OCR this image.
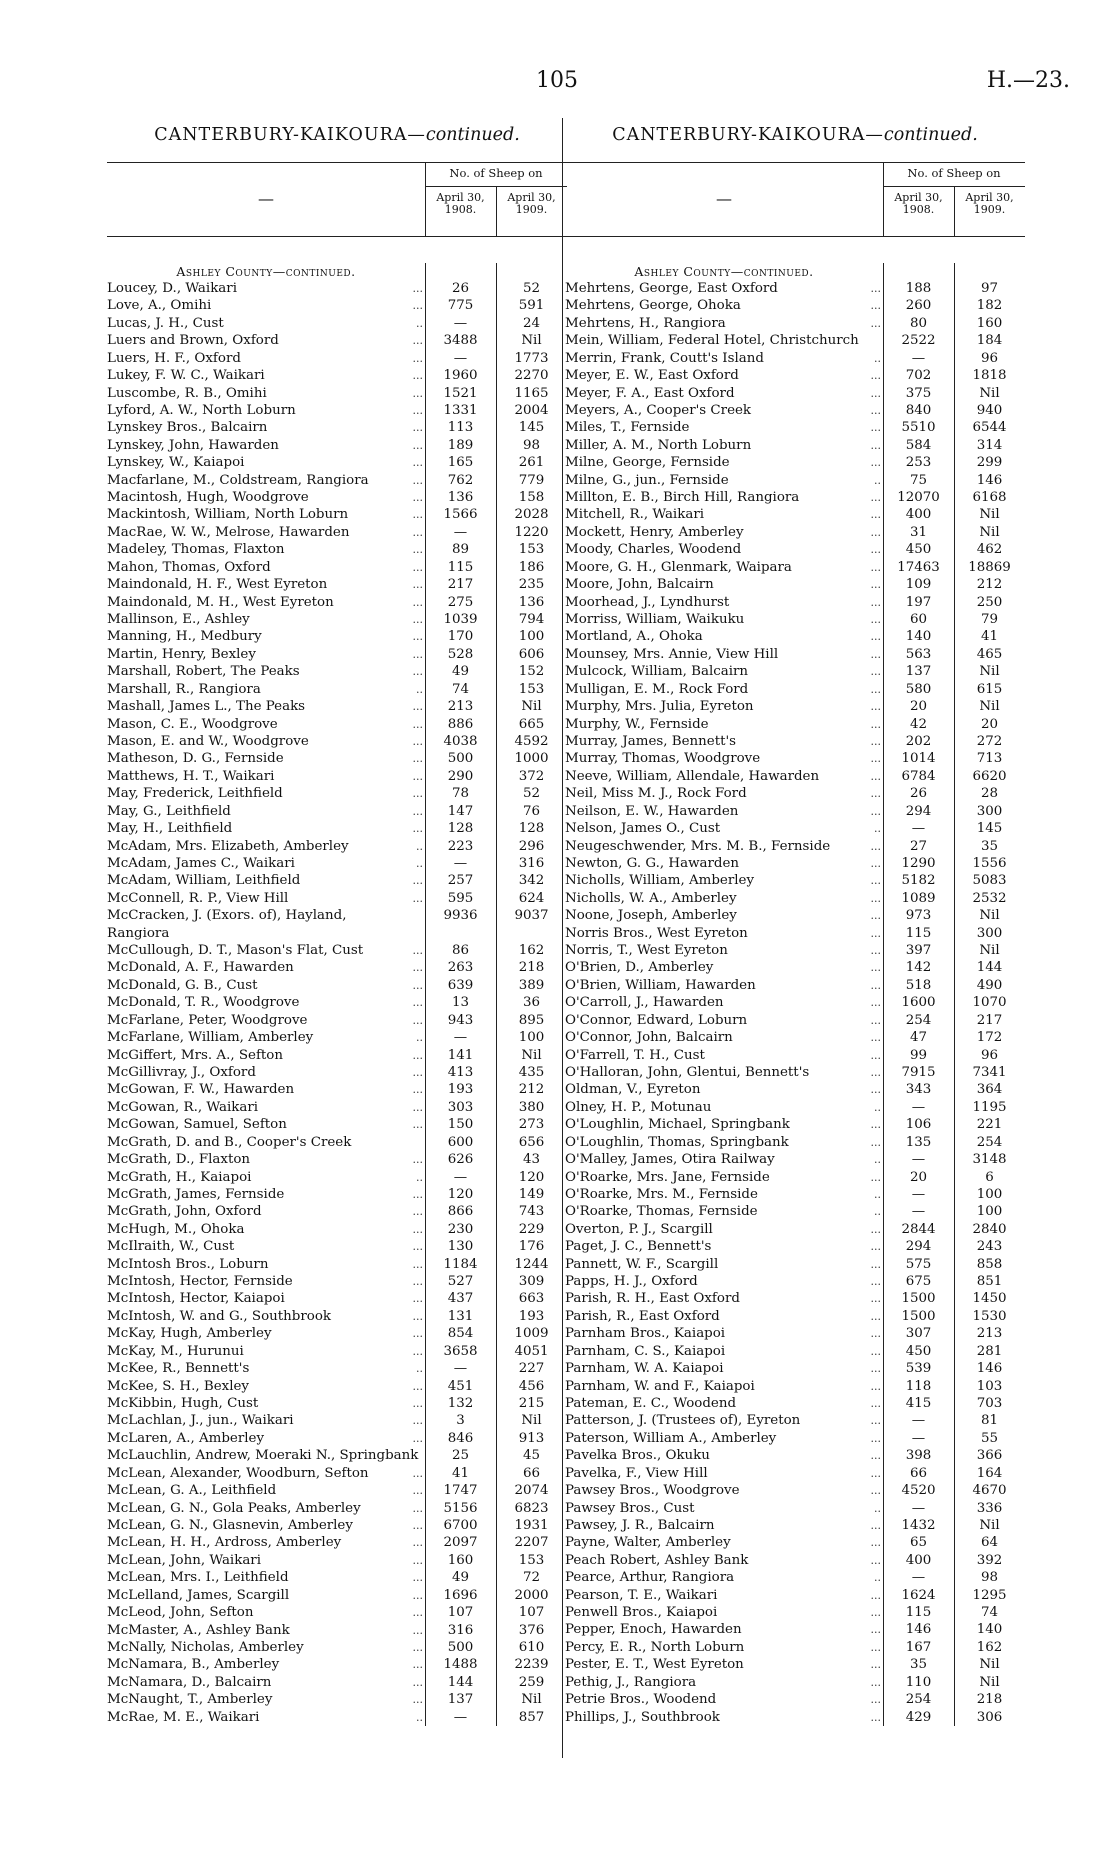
105	H.—23.
CANTERBURY-KAIKOURA—continued.
—
No. of Sheep on
April 30, 1908.
April 30, 1909.
Ashley County—continued.
Loucey, D., Waikari	...	26	52
Love, A., Omihi	...	775	591
Lucas, J. H., Cust	..	—	24
Luers and Brown, Oxford	...	3488	Nil
Luers, H. F., Oxford	...	—	1773
Lukey, F. W. C., Waikari	...	1960	2270
Luscombe, R. B., Omihi	...	1521	1165
Lyford, A. W., North Loburn	...	1331	2004
Lynskey Bros., Balcairn	...	113	145
Lynskey, John, Hawarden	...	189	98
Lynskey, W., Kaiapoi	...	165	261
Macfarlane, M., Coldstream, Rangiora	...	762	779
Macintosh, Hugh, Woodgrove	...	136	158
Mackintosh, William, North Loburn	...	1566	2028
MacRae, W. W., Melrose, Hawarden	...	—	1220
Madeley, Thomas, Flaxton	...	89	153
Mahon, Thomas, Oxford	...	115	186
Maindonald, H. F., West Eyreton	...	217	235
Maindonald, M. H., West Eyreton	...	275	136
Mallinson, E., Ashley	...	1039	794
Manning, H., Medbury	...	170	100
Martin, Henry, Bexley	...	528	606
Marshall, Robert, The Peaks	...	49	152
Marshall, R., Rangiora	..	74	153
Mashall, James L., The Peaks	...	213	Nil
Mason, C. E., Woodgrove	...	886	665
Mason, E. and W., Woodgrove	...	4038	4592
Matheson, D. G., Fernside	...	500	1000
Matthews, H. T., Waikari	...	290	372
May, Frederick, Leithfield	...	78	52
May, G., Leithfield	...	147	76
May, H., Leithfield	...	128	128
McAdam, Mrs. Elizabeth, Amberley	..	223	296
McAdam, James C., Waikari	..	—	316
McAdam, William, Leithfield	...	257	342
McConnell, R. P., View Hill	...	595	624
McCracken, J. (Exors. of), Hayland, Rangiora
9936	9037
McCullough, D. T., Mason's Flat, Cust	...	86	162
McDonald, A. F., Hawarden	...	263	218
McDonald, G. B., Cust	...	639	389
McDonald, T. R., Woodgrove	...	13	36
McFarlane, Peter, Woodgrove	...	943	895
McFarlane, William, Amberley	..	—	100
McGiffert, Mrs. A., Sefton	...	141	Nil
McGillivray, J., Oxford	...	413	435
McGowan, F. W., Hawarden	...	193	212
McGowan, R., Waikari	...	303	380
McGowan, Samuel, Sefton	...	150	273
McGrath, D. and B., Cooper's Creek	600	656
McGrath, D., Flaxton	...	626	43
McGrath, H., Kaiapoi	..	—	120
McGrath, James, Fernside	...	120	149
McGrath, John, Oxford	...	866	743
McHugh, M., Ohoka	...	230	229
McIlraith, W., Cust	...	130	176
McIntosh Bros., Loburn	...	1184	1244
McIntosh, Hector, Fernside	...	527	309
McIntosh, Hector, Kaiapoi	...	437	663
McIntosh, W. and G., Southbrook	...	131	193
McKay, Hugh, Amberley	...	854	1009
McKay, M., Hurunui	...	3658	4051
McKee, R., Bennett's	..	—	227
McKee, S. H., Bexley	...	451	456
McKibbin, Hugh, Cust	...	132	215
McLachlan, J., jun., Waikari	...	3	Nil
McLaren, A., Amberley	...	846	913
McLauchlin, Andrew, Moeraki N., Springbank	25	45
McLean, Alexander, Woodburn, Sefton	...	41	66
McLean, G. A., Leithfield	...	1747	2074
McLean, G. N., Gola Peaks, Amberley	...	5156	6823
McLean, G. N., Glasnevin, Amberley	...	6700	1931
McLean, H. H., Ardross, Amberley	...	2097	2207
McLean, John, Waikari	...	160	153
McLean, Mrs. I., Leithfield	...	49	72
McLelland, James, Scargill	...	1696	2000
McLeod, John, Sefton	...	107	107
McMaster, A., Ashley Bank	...	316	376
McNally, Nicholas, Amberley	...	500	610
McNamara, B., Amberley	...	1488	2239
McNamara, D., Balcairn	...	144	259
McNaught, T., Amberley	...	137	Nil
McRae, M. E., Waikari	..	—	857
CANTERBURY-KAIKOURA—continued.
—
No. of Sheep on
April 30, 1908.
April 30, 1909.
Ashley County—continued.
Mehrtens, George, East Oxford	...	188	97
Mehrtens, George, Ohoka	...	260	182
Mehrtens, H., Rangiora	...	80	160
Mein, William, Federal Hotel, Christchurch	2522	184
Merrin, Frank, Coutt's Island	..	—	96
Meyer, E. W., East Oxford	...	702	1818
Meyer, F. A., East Oxford	...	375	Nil
Meyers, A., Cooper's Creek	...	840	940
Miles, T., Fernside	...	5510	6544
Miller, A. M., North Loburn	...	584	314
Milne, George, Fernside	...	253	299
Milne, G., jun., Fernside	..	75	146
Millton, E. B., Birch Hill, Rangiora	...	12070	6168
Mitchell, R., Waikari	...	400	Nil
Mockett, Henry, Amberley	...	31	Nil
Moody, Charles, Woodend	...	450	462
Moore, G. H., Glenmark, Waipara	...	17463	18869
Moore, John, Balcairn	...	109	212
Moorhead, J., Lyndhurst	...	197	250
Morriss, William, Waikuku	...	60	79
Mortland, A., Ohoka	...	140	41
Mounsey, Mrs. Annie, View Hill	...	563	465
Mulcock, William, Balcairn	...	137	Nil
Mulligan, E. M., Rock Ford	...	580	615
Murphy, Mrs. Julia, Eyreton	...	20	Nil
Murphy, W., Fernside	...	42	20
Murray, James, Bennett's	...	202	272
Murray, Thomas, Woodgrove	...	1014	713
Neeve, William, Allendale, Hawarden	...	6784	6620
Neil, Miss M. J., Rock Ford	...	26	28
Neilson, E. W., Hawarden	...	294	300
Nelson, James O., Cust	..	—	145
Neugeschwender, Mrs. M. B., Fernside	...	27	35
Newton, G. G., Hawarden	...	1290	1556
Nicholls, William, Amberley	...	5182	5083
Nicholls, W. A., Amberley	...	1089	2532
Noone, Joseph, Amberley	...	973	Nil
Norris Bros., West Eyreton	...	115	300
Norris, T., West Eyreton	...	397	Nil
O'Brien, D., Amberley	...	142	144
O'Brien, William, Hawarden	...	518	490
O'Carroll, J., Hawarden	...	1600	1070
O'Connor, Edward, Loburn	...	254	217
O'Connor, John, Balcairn	...	47	172
O'Farrell, T. H., Cust	...	99	96
O'Halloran, John, Glentui, Bennett's	...	7915	7341
Oldman, V., Eyreton	...	343	364
Olney, H. P., Motunau	..	—	1195
O'Loughlin, Michael, Springbank	...	106	221
O'Loughlin, Thomas, Springbank	...	135	254
O'Malley, James, Otira Railway	..	—	3148
O'Roarke, Mrs. Jane, Fernside	...	20	6
O'Roarke, Mrs. M., Fernside	..	—	100
O'Roarke, Thomas, Fernside	..	—	100
Overton, P. J., Scargill	...	2844	2840
Paget, J. C., Bennett's	...	294	243
Pannett, W. F., Scargill	...	575	858
Papps, H. J., Oxford	...	675	851
Parish, R. H., East Oxford	...	1500	1450
Parish, R., East Oxford	...	1500	1530
Parnham Bros., Kaiapoi	...	307	213
Parnham, C. S., Kaiapoi	...	450	281
Parnham, W. A. Kaiapoi	...	539	146
Parnham, W. and F., Kaiapoi	...	118	103
Pateman, E. C., Woodend	...	415	703
Patterson, J. (Trustees of), Eyreton	...	—	81
Paterson, William A., Amberley	...	—	55
Pavelka Bros., Okuku	...	398	366
Pavelka, F., View Hill	...	66	164
Pawsey Bros., Woodgrove	...	4520	4670
Pawsey Bros., Cust	..	—	336
Pawsey, J. R., Balcairn	...	1432	Nil
Payne, Walter, Amberley	...	65	64
Peach Robert, Ashley Bank	...	400	392
Pearce, Arthur, Rangiora	..	—	98
Pearson, T. E., Waikari	...	1624	1295
Penwell Bros., Kaiapoi	...	115	74
Pepper, Enoch, Hawarden	...	146	140
Percy, E. R., North Loburn	...	167	162
Pester, E. T., West Eyreton	...	35	Nil
Pethig, J., Rangiora	...	110	Nil
Petrie Bros., Woodend	...	254	218
Phillips, J., Southbrook	...	429	306
